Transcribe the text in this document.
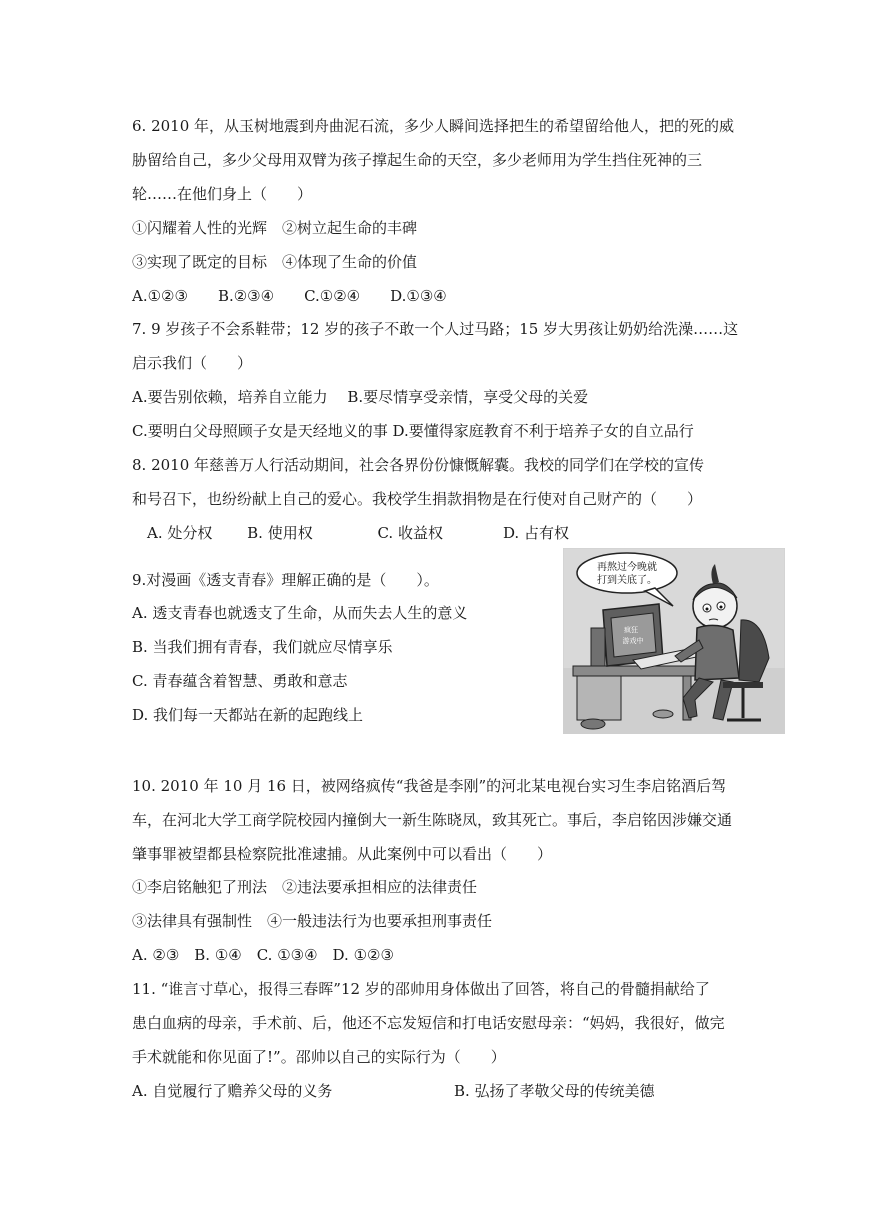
6. 2010 年，从玉树地震到舟曲泥石流，多少人瞬间选择把生的希望留给他人，把的死的威
胁留给自己，多少父母用双臂为孩子撑起生命的天空，多少老师用为学生挡住死神的三
轮……在他们身上（　　）
①闪耀着人性的光辉　②树立起生命的丰碑
③实现了既定的目标　④体现了生命的价值
A.①②③　　B.②③④　　C.①②④　　D.①③④
7. 9 岁孩子不会系鞋带；12 岁的孩子不敢一个人过马路；15 岁大男孩让奶奶给洗澡……这
启示我们（　　）
A.要告别依赖，培养自立能力　 B.要尽情享受亲情，享受父母的关爱
C.要明白父母照顾子女是天经地义的事 D.要懂得家庭教育不利于培养子女的自立品行
8. 2010 年慈善万人行活动期间，社会各界份份慷慨解囊。我校的同学们在学校的宣传
和号召下，也纷纷献上自己的爱心。我校学生捐款捐物是在行使对自己财产的（　　）
　A. 处分权　　 B. 使用权　　　　 C. 收益权　　　　D. 占有权
9.对漫画《透支青春》理解正确的是（　　）。
A. 透支青春也就透支了生命，从而失去人生的意义
B. 当我们拥有青春，我们就应尽情享乐
C. 青春蕴含着智慧、勇敢和意志
D. 我们每一天都站在新的起跑线上
再熬过今晚就
打到关底了。
疯狂
游戏中
10. 2010 年 10 月 16 日，被网络疯传“我爸是李刚”的河北某电视台实习生李启铭酒后驾
车，在河北大学工商学院校园内撞倒大一新生陈晓凤，致其死亡。事后，李启铭因涉嫌交通
肇事罪被望都县检察院批准逮捕。从此案例中可以看出（　　）
①李启铭触犯了刑法　②违法要承担相应的法律责任
③法律具有强制性　④一般违法行为也要承担刑事责任
A. ②③　B. ①④　C. ①③④　D. ①②③
11. “谁言寸草心，报得三春晖”12 岁的邵帅用身体做出了回答，将自己的骨髓捐献给了
患白血病的母亲，手术前、后，他还不忘发短信和打电话安慰母亲：“妈妈，我很好，做完
手术就能和你见面了!”。邵帅以自己的实际行为（　　）
A. 自觉履行了赡养父母的义务	B. 弘扬了孝敬父母的传统美德
